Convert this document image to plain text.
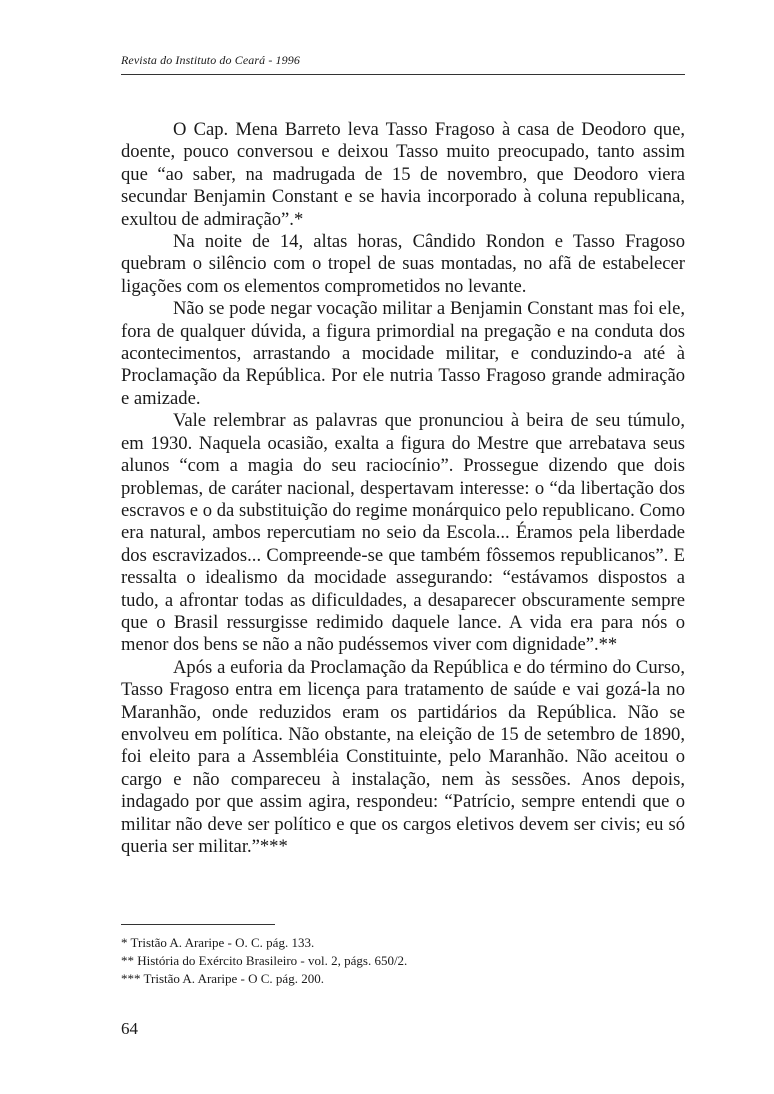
Revista do Instituto do Ceará - 1996

O Cap. Mena Barreto leva Tasso Fragoso à casa de Deodoro que, doente, pouco conversou e deixou Tasso muito preocupado, tanto assim que “ao saber, na madrugada de 15 de novembro, que Deodoro viera secundar Benjamin Constant e se havia incorporado à coluna republicana, exultou de admiração”.*

Na noite de 14, altas horas, Cândido Rondon e Tasso Fragoso quebram o silêncio com o tropel de suas montadas, no afã de estabelecer ligações com os elementos comprometidos no levante.

Não se pode negar vocação militar a Benjamin Constant mas foi ele, fora de qualquer dúvida, a figura primordial na pregação e na conduta dos acontecimentos, arrastando a mocidade militar, e conduzindo-a até à Proclamação da República. Por ele nutria Tasso Fragoso grande admiração e amizade.

Vale relembrar as palavras que pronunciou à beira de seu túmulo, em 1930. Naquela ocasião, exalta a figura do Mestre que arrebatava seus alunos “com a magia do seu raciocínio”. Prossegue dizendo que dois problemas, de caráter nacional, despertavam interesse: o “da libertação dos escravos e o da substituição do regime monárquico pelo republicano. Como era natural, ambos repercutiam no seio da Escola... Éramos pela liberdade dos escravizados... Compreende-se que também fôssemos republicanos”. E ressalta o idealismo da mocidade assegurando: “estávamos dispostos a tudo, a afrontar todas as dificuldades, a desaparecer obscuramente sempre que o Brasil ressurgisse redimido daquele lance. A vida era para nós o menor dos bens se não a não pudéssemos viver com dignidade”.**

Após a euforia da Proclamação da República e do término do Curso, Tasso Fragoso entra em licença para tratamento de saúde e vai gozá-la no Maranhão, onde reduzidos eram os partidários da República. Não se envolveu em política. Não obstante, na eleição de 15 de setembro de 1890, foi eleito para a Assembléia Constituinte, pelo Maranhão. Não aceitou o cargo e não compareceu à instalação, nem às sessões. Anos depois, indagado por que assim agira, respondeu: “Patrício, sempre entendi que o militar não deve ser político e que os cargos eletivos devem ser civis; eu só queria ser militar.”***

* Tristão A. Araripe - O. C. pág. 133.
** História do Exército Brasileiro - vol. 2, págs. 650/2.
*** Tristão A. Araripe - O C. pág. 200.
64
